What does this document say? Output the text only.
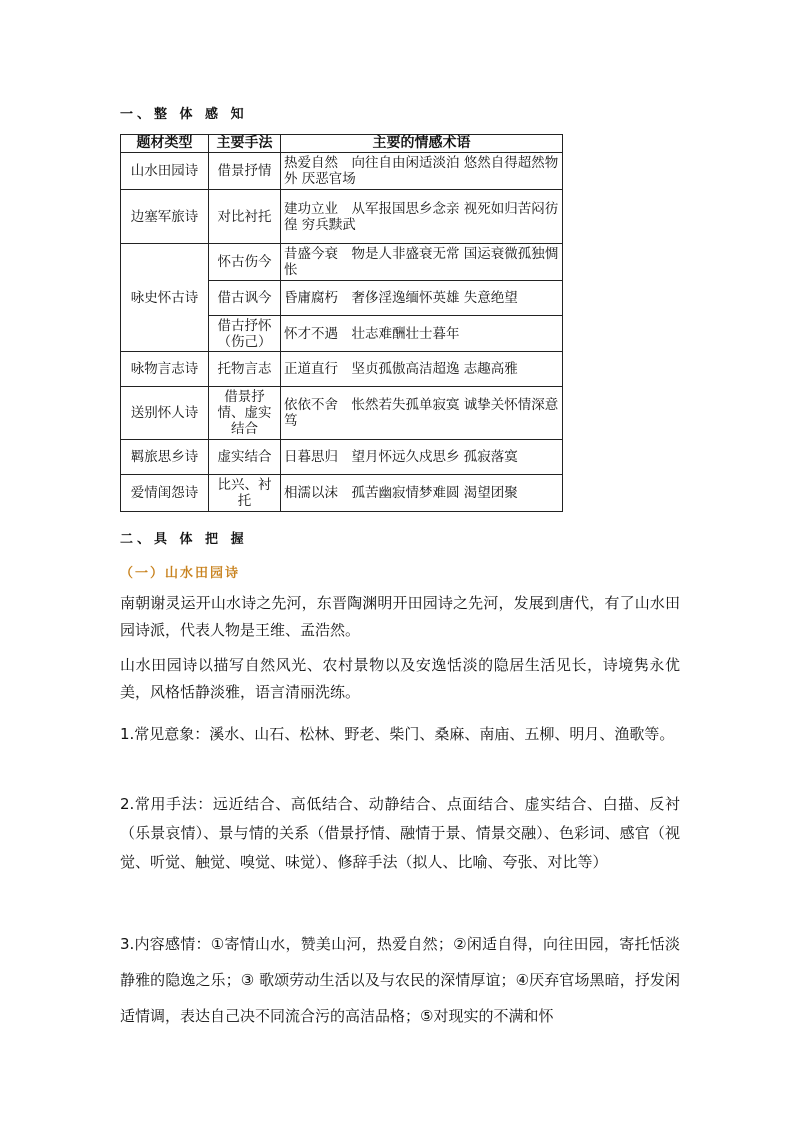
一、整 体 感 知
题材类型	主要手法	主要的情感术语
山水田园诗	借景抒情	热爱自然　向往自由闲适淡泊 悠然自得超然物外 厌恶官场
边塞军旅诗	对比衬托	建功立业　从军报国思乡念亲 视死如归苦闷彷徨 穷兵黩武
咏史怀古诗	怀古伤今	昔盛今衰　物是人非盛衰无常 国运衰微孤独惆怅
	借古讽今	昏庸腐朽　奢侈淫逸缅怀英雄 失意绝望
	借古抒怀（伤己）	怀才不遇　壮志难酬壮士暮年
咏物言志诗	托物言志	正道直行　坚贞孤傲高洁超逸 志趣高雅
送别怀人诗	借景抒情、虚实结合	依依不舍　怅然若失孤单寂寞 诚挚关怀情深意笃
羁旅思乡诗	虚实结合	日暮思归　望月怀远久戍思乡 孤寂落寞
爱情闺怨诗	比兴、衬托	相濡以沫　孤苦幽寂情梦难圆 渴望团聚
二、具 体 把 握
（一）山水田园诗

南朝谢灵运开山水诗之先河，东晋陶渊明开田园诗之先河，发展到唐代，有了山水田园诗派，代表人物是王维、孟浩然。

山水田园诗以描写自然风光、农村景物以及安逸恬淡的隐居生活见长，诗境隽永优美，风格恬静淡雅，语言清丽洗练。

1.常见意象：溪水、山石、松林、野老、柴门、桑麻、南庙、五柳、明月、渔歌等。

2.常用手法：远近结合、高低结合、动静结合、点面结合、虚实结合、白描、反衬（乐景哀情）、景与情的关系（借景抒情、融情于景、情景交融）、色彩词、感官（视觉、听觉、触觉、嗅觉、味觉）、修辞手法（拟人、比喻、夸张、对比等）

3.内容感情：①寄情山水，赞美山河，热爱自然；②闲适自得，向往田园，寄托恬淡静雅的隐逸之乐；③ 歌颂劳动生活以及与农民的深情厚谊；④厌弃官场黑暗，抒发闲适情调，表达自己决不同流合污的高洁品格；⑤对现实的不满和怀
